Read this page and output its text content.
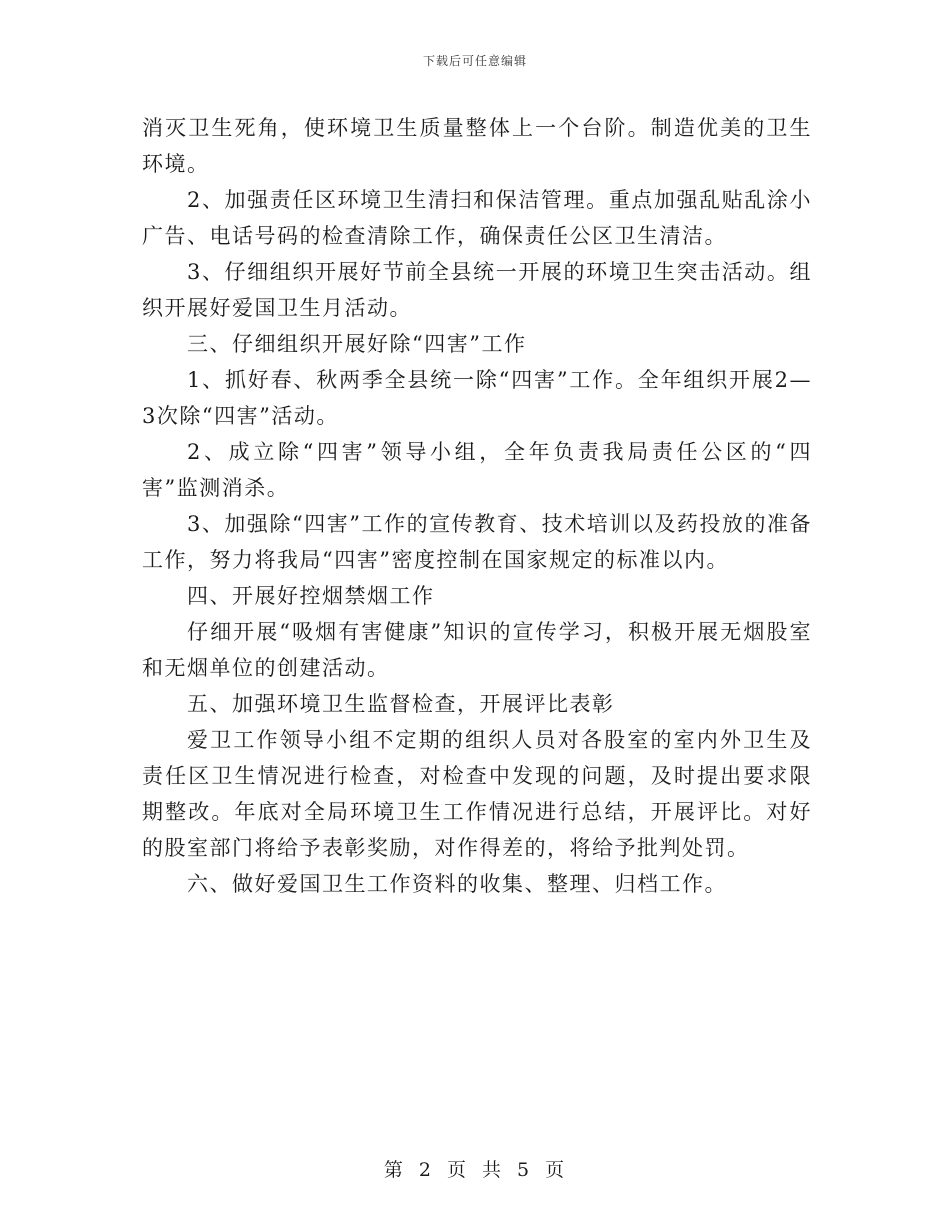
下载后可任意编辑

消灭卫生死角，使环境卫生质量整体上一个台阶。制造优美的卫生环境。

2、加强责任区环境卫生清扫和保洁管理。重点加强乱贴乱涂小广告、电话号码的检查清除工作，确保责任公区卫生清洁。

3、仔细组织开展好节前全县统一开展的环境卫生突击活动。组织开展好爱国卫生月活动。

三、仔细组织开展好除“四害”工作

1、抓好春、秋两季全县统一除“四害”工作。全年组织开展2—3次除“四害”活动。

2、成立除“四害”领导小组，全年负责我局责任公区的“四害”监测消杀。

3、加强除“四害”工作的宣传教育、技术培训以及药投放的准备工作，努力将我局“四害”密度控制在国家规定的标准以内。

四、开展好控烟禁烟工作

仔细开展“吸烟有害健康”知识的宣传学习，积极开展无烟股室和无烟单位的创建活动。

五、加强环境卫生监督检查，开展评比表彰

爱卫工作领导小组不定期的组织人员对各股室的室内外卫生及责任区卫生情况进行检查，对检查中发现的问题，及时提出要求限期整改。年底对全局环境卫生工作情况进行总结，开展评比。对好的股室部门将给予表彰奖励，对作得差的，将给予批判处罚。

六、做好爱国卫生工作资料的收集、整理、归档工作。

第 2 页 共 5 页
